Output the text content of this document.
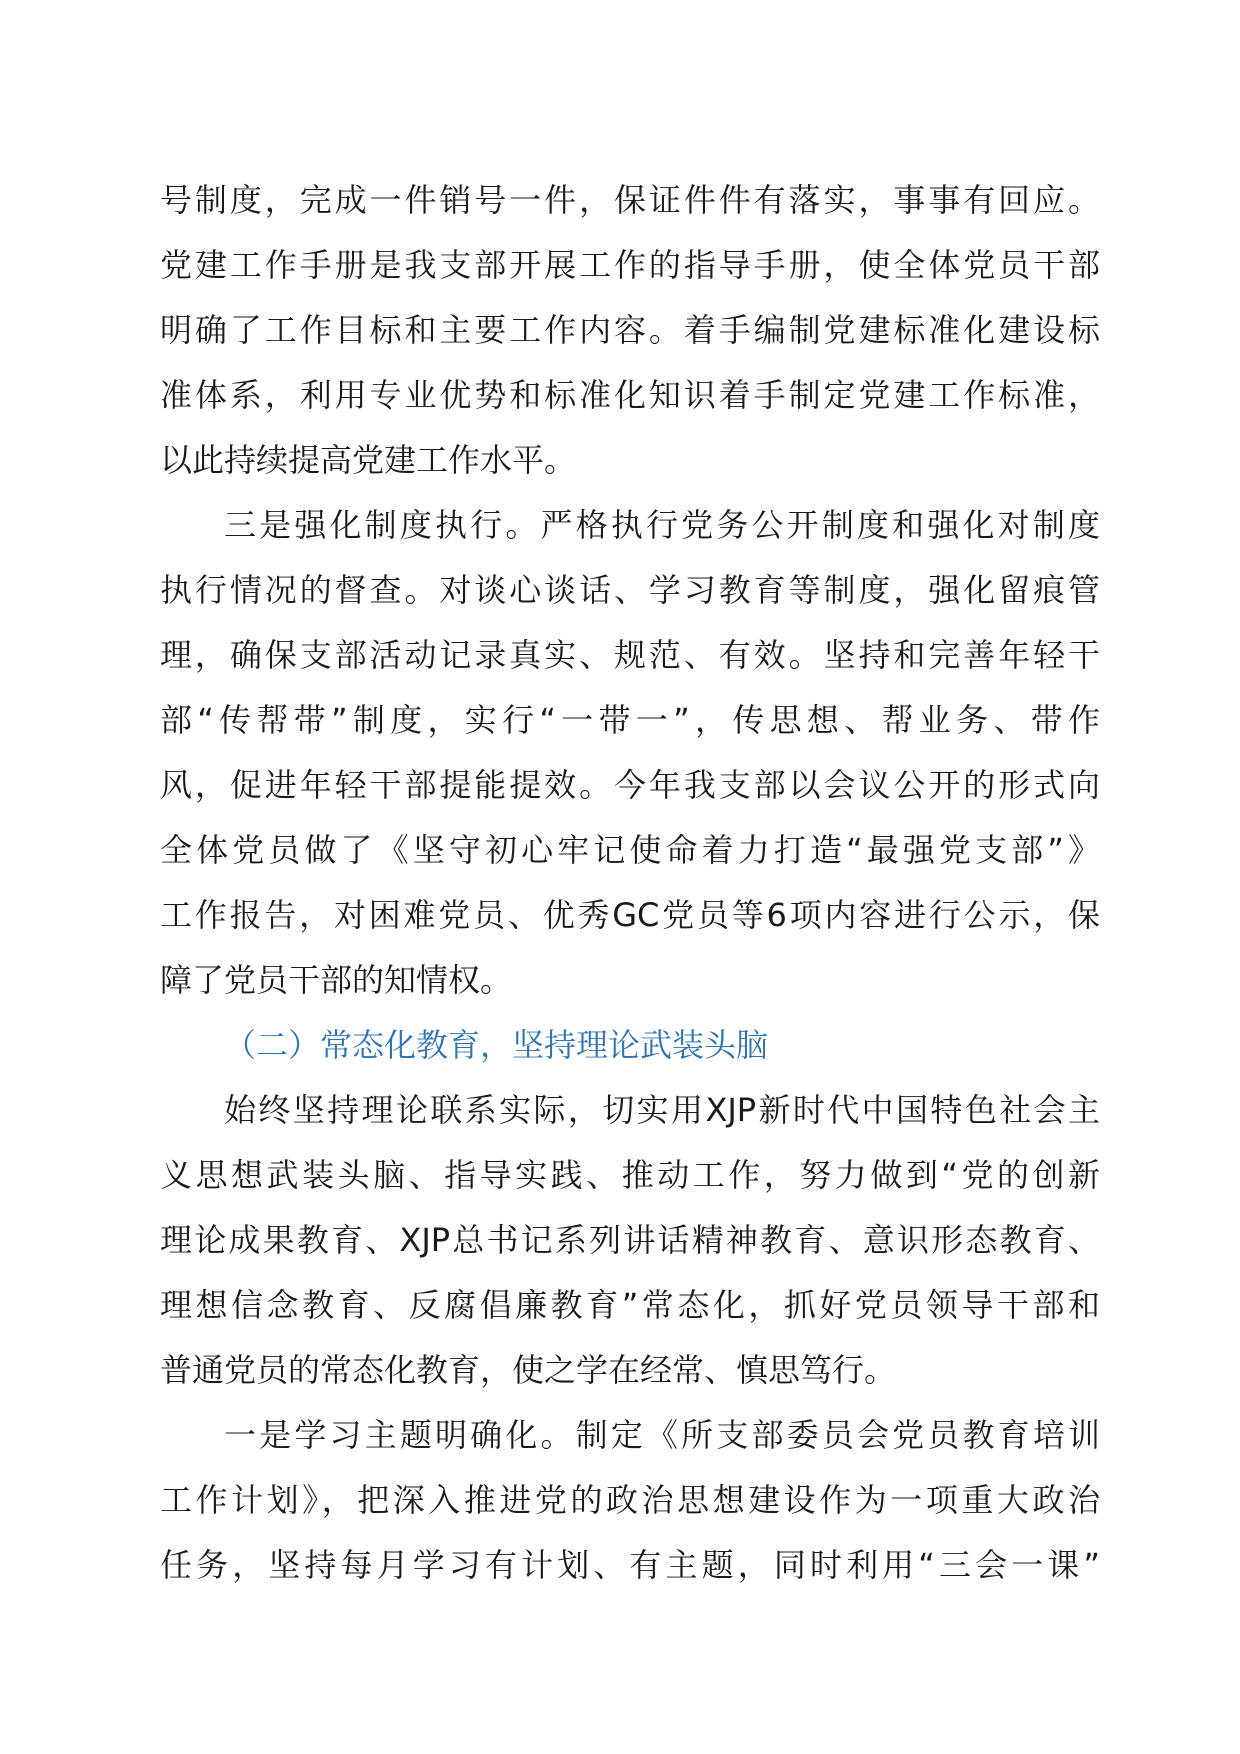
号制度，完成一件销号一件，保证件件有落实，事事有回应。
党建工作手册是我支部开展工作的指导手册，使全体党员干部
明确了工作目标和主要工作内容。着手编制党建标准化建设标
准体系，利用专业优势和标准化知识着手制定党建工作标准，
以此持续提高党建工作水平。
三是强化制度执行。严格执行党务公开制度和强化对制度
执行情况的督查。对谈心谈话、学习教育等制度，强化留痕管
理，确保支部活动记录真实、规范、有效。坚持和完善年轻干
部“传帮带”制度，实行“一带一”，传思想、帮业务、带作
风，促进年轻干部提能提效。今年我支部以会议公开的形式向
全体党员做了《坚守初心牢记使命着力打造“最强党支部”》
工作报告，对困难党员、优秀GC党员等6项内容进行公示，保
障了党员干部的知情权。
（二）常态化教育，坚持理论武装头脑
始终坚持理论联系实际，切实用XJP新时代中国特色社会主
义思想武装头脑、指导实践、推动工作，努力做到“党的创新
理论成果教育、XJP总书记系列讲话精神教育、意识形态教育、
理想信念教育、反腐倡廉教育”常态化，抓好党员领导干部和
普通党员的常态化教育，使之学在经常、慎思笃行。
一是学习主题明确化。制定《所支部委员会党员教育培训
工作计划》，把深入推进党的政治思想建设作为一项重大政治
任务，坚持每月学习有计划、有主题，同时利用“三会一课”
